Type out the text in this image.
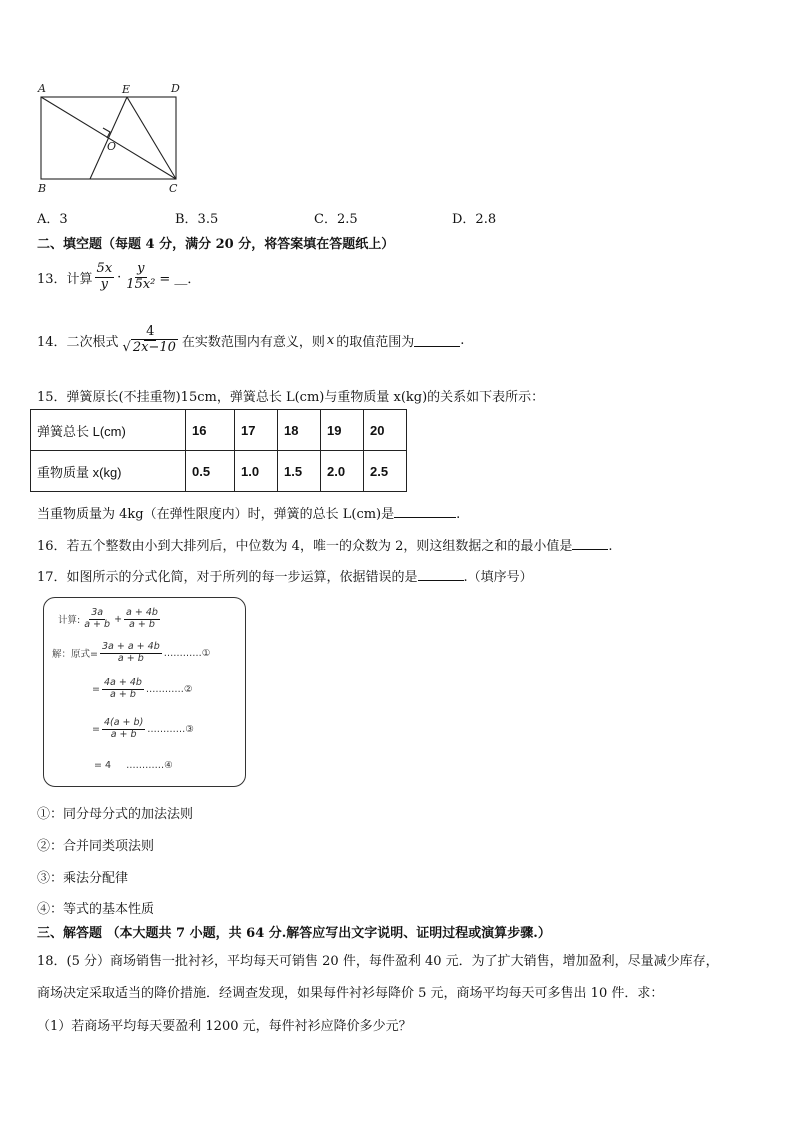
A	E	D
O
B	C
A．3	B．3.5	C．2.5	D．2.8
二、填空题（每题 4 分，满分 20 分，将答案填在答题纸上）
13．计算 $\frac{5x}{y} \cdot \frac{y}{\text{15x²}}$ = ＿．
14．二次根式 $\frac{4}{√ 2x-10}$ 在实数范围内有意义，则 x 的取值范围为	.
15．弹簧原长(不挂重物)15cm，弹簧总长 L(cm)与重物质量 x(kg)的关系如下表所示：
弹簧总长 L(cm)	16	17	18	19	20
重物质量 x(kg)	0.5	1.0	1.5	2.0	2.5
当重物质量为 4kg（在弹性限度内）时，弹簧的总长 L(cm)是	.
16．若五个整数由小到大排列后，中位数为 4，唯一的众数为 2，则这组数据之和的最小值是	.
17．如图所示的分式化简，对于所列的每一步运算，依据错误的是	.（填序号）
计算: $\frac{3a}{a + b} + \frac{a + 4b}{a + b}$
解：原式= $\frac{3a + a + 4b}{a + b}$ …………①
= $\frac{4a + 4b}{a + b}$ …………②
= $\frac{4(a + b)}{a + b}$ …………③
= 4 …………④
①：同分母分式的加法法则
②：合并同类项法则
③：乘法分配律
④：等式的基本性质
三、解答题 （本大题共 7 小题，共 64 分.解答应写出文字说明、证明过程或演算步骤.）
18．(5 分）商场销售一批衬衫，平均每天可销售 20 件，每件盈利 40 元．为了扩大销售，增加盈利，尽量减少库存，
商场决定采取适当的降价措施．经调查发现，如果每件衬衫每降价 5 元，商场平均每天可多售出 10 件．求：
（1）若商场平均每天要盈利 1200 元，每件衬衫应降价多少元？
